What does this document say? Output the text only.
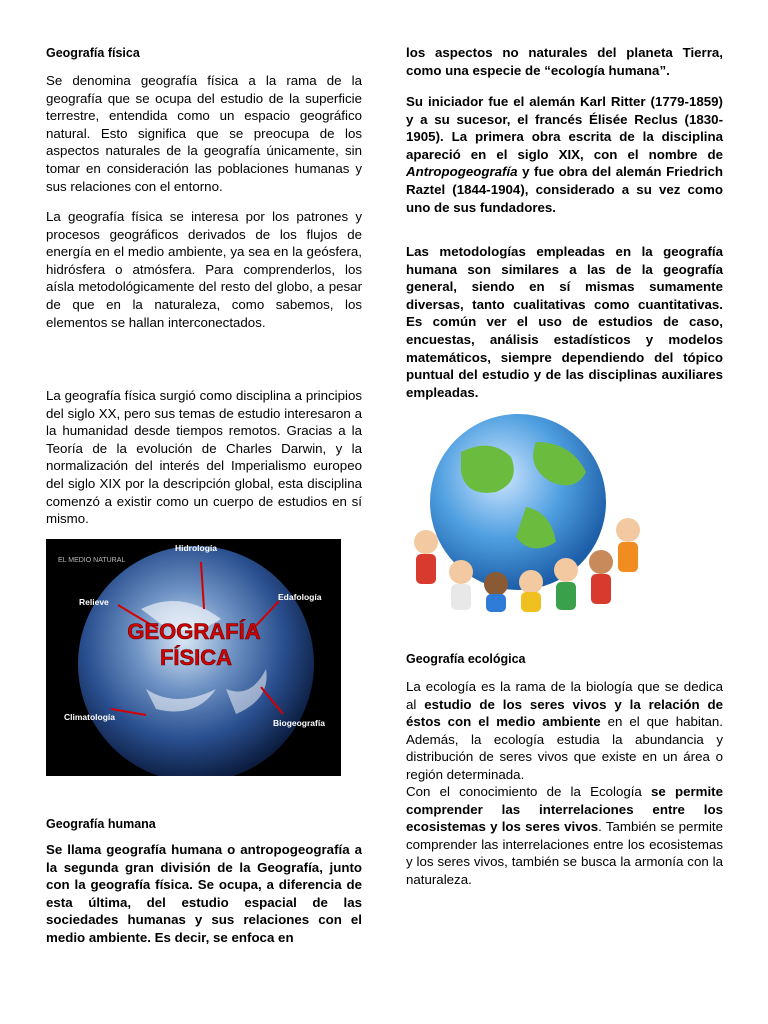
Geografía física

Se denomina geografía física a la rama de la geografía que se ocupa del estudio de la superficie terrestre, entendida como un espacio geográfico natural. Esto significa que se preocupa de los aspectos naturales de la geografía únicamente, sin tomar en consideración las poblaciones humanas y sus relaciones con el entorno.

La geografía física se interesa por los patrones y procesos geográficos derivados de los flujos de energía en el medio ambiente, ya sea en la geósfera, hidrósfera o atmósfera. Para comprenderlos, los aísla metodológicamente del resto del globo, a pesar de que en la naturaleza, como sabemos, los elementos se hallan interconectados.

La geografía física surgió como disciplina a principios del siglo XX, pero sus temas de estudio interesaron a la humanidad desde tiempos remotos. Gracias a la Teoría de la evolución de Charles Darwin, y la normalización del interés del Imperialismo europeo del siglo XIX por la descripción global, esta disciplina comenzó a existir como un cuerpo de estudios en sí mismo.

EL MEDIO NATURAL
Hidrología
Relieve	Edafología
Climatología
Biogeografía
GEOGRAFÍA
FÍSICA
Geografía humana

Se llama geografía humana o antropogeografía a la segunda gran división de la Geografía, junto con la geografía física. Se ocupa, a diferencia de esta última, del estudio espacial de las sociedades humanas y sus relaciones con el medio ambiente. Es decir, se enfoca en

los aspectos no naturales del planeta Tierra, como una especie de “ecología humana”.

Su iniciador fue el alemán Karl Ritter (1779-1859) y a su sucesor, el francés Élisée Reclus (1830-1905). La primera obra escrita de la disciplina apareció en el siglo XIX, con el nombre de Antropogeografía y fue obra del alemán Friedrich Raztel (1844-1904), considerado a su vez como uno de sus fundadores.

Las metodologías empleadas en la geografía humana son similares a las de la geografía general, siendo en sí mismas sumamente diversas, tanto cualitativas como cuantitativas. Es común ver el uso de estudios de caso, encuestas, análisis estadísticos y modelos matemáticos, siempre dependiendo del tópico puntual del estudio y de las disciplinas auxiliares empleadas.

Geografía ecológica

La ecología es la rama de la biología que se dedica al estudio de los seres vivos y la relación de éstos con el medio ambiente en el que habitan. Además, la ecología estudia la abundancia y distribución de seres vivos que existe en un área o región determinada.

Con el conocimiento de la Ecología se permite comprender las interrelaciones entre los ecosistemas y los seres vivos. También se permite comprender las interrelaciones entre los ecosistemas y los seres vivos, también se busca la armonía con la naturaleza.
